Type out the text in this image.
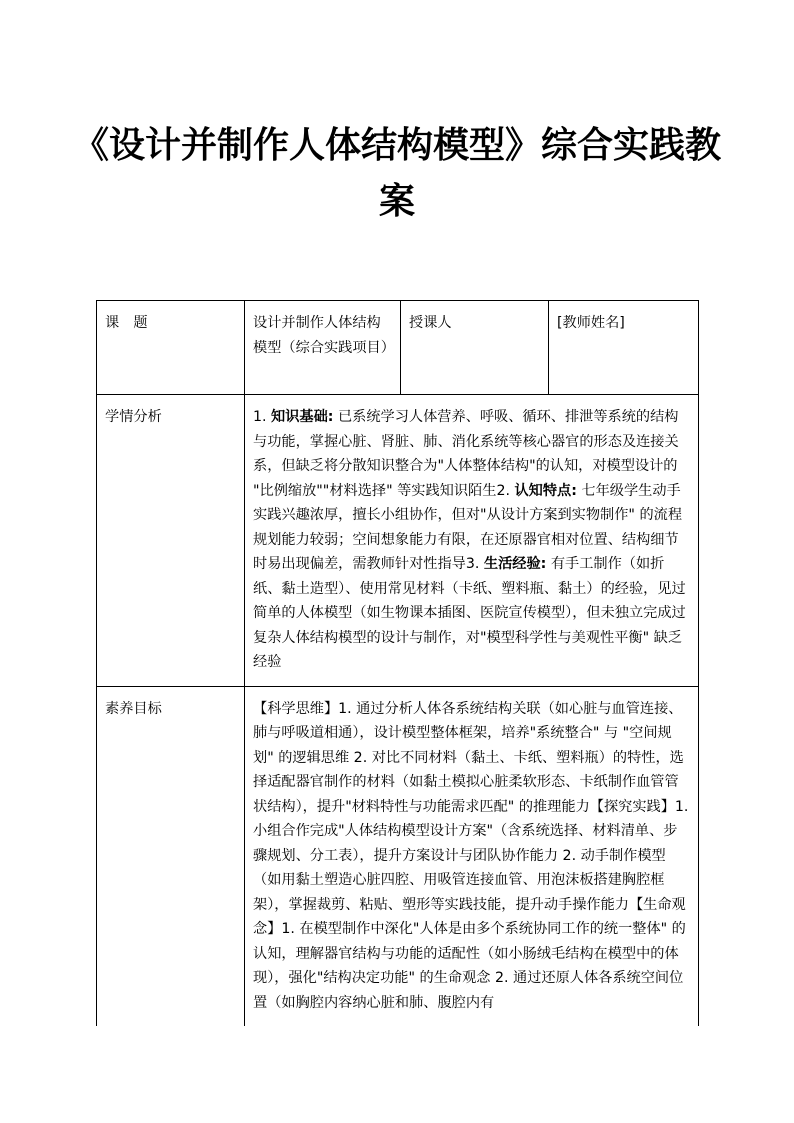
《设计并制作人体结构模型》综合实践教案
课　题	设计并制作人体结构模型（综合实践项目）	授课人	[教师姓名]
学情分析	1. 知识基础: 已系统学习人体营养、呼吸、循环、排泄等系统的结构与功能，掌握心脏、肾脏、肺、消化系统等核心器官的形态及连接关系，但缺乏将分散知识整合为"人体整体结构"的认知，对模型设计的 "比例缩放""材料选择" 等实践知识陌生2. 认知特点: 七年级学生动手实践兴趣浓厚，擅长小组协作，但对"从设计方案到实物制作" 的流程规划能力较弱；空间想象能力有限，在还原器官相对位置、结构细节时易出现偏差，需教师针对性指导3. 生活经验: 有手工制作（如折纸、黏土造型）、使用常见材料（卡纸、塑料瓶、黏土）的经验，见过简单的人体模型（如生物课本插图、医院宣传模型），但未独立完成过复杂人体结构模型的设计与制作，对"模型科学性与美观性平衡" 缺乏经验		
素养目标	【科学思维】1. 通过分析人体各系统结构关联（如心脏与血管连接、肺与呼吸道相通），设计模型整体框架，培养"系统整合" 与 "空间规划" 的逻辑思维 2. 对比不同材料（黏土、卡纸、塑料瓶）的特性，选择适配器官制作的材料（如黏土模拟心脏柔软形态、卡纸制作血管管状结构），提升"材料特性与功能需求匹配" 的推理能力【探究实践】1. 小组合作完成"人体结构模型设计方案"（含系统选择、材料清单、步骤规划、分工表），提升方案设计与团队协作能力 2. 动手制作模型（如用黏土塑造心脏四腔、用吸管连接血管、用泡沫板搭建胸腔框架），掌握裁剪、粘贴、塑形等实践技能，提升动手操作能力【生命观念】1. 在模型制作中深化"人体是由多个系统协同工作的统一整体" 的认知，理解器官结构与功能的适配性（如小肠绒毛结构在模型中的体现），强化"结构决定功能" 的生命观念 2. 通过还原人体各系统空间位置（如胸腔内容纳心脏和肺、腹腔内有		
